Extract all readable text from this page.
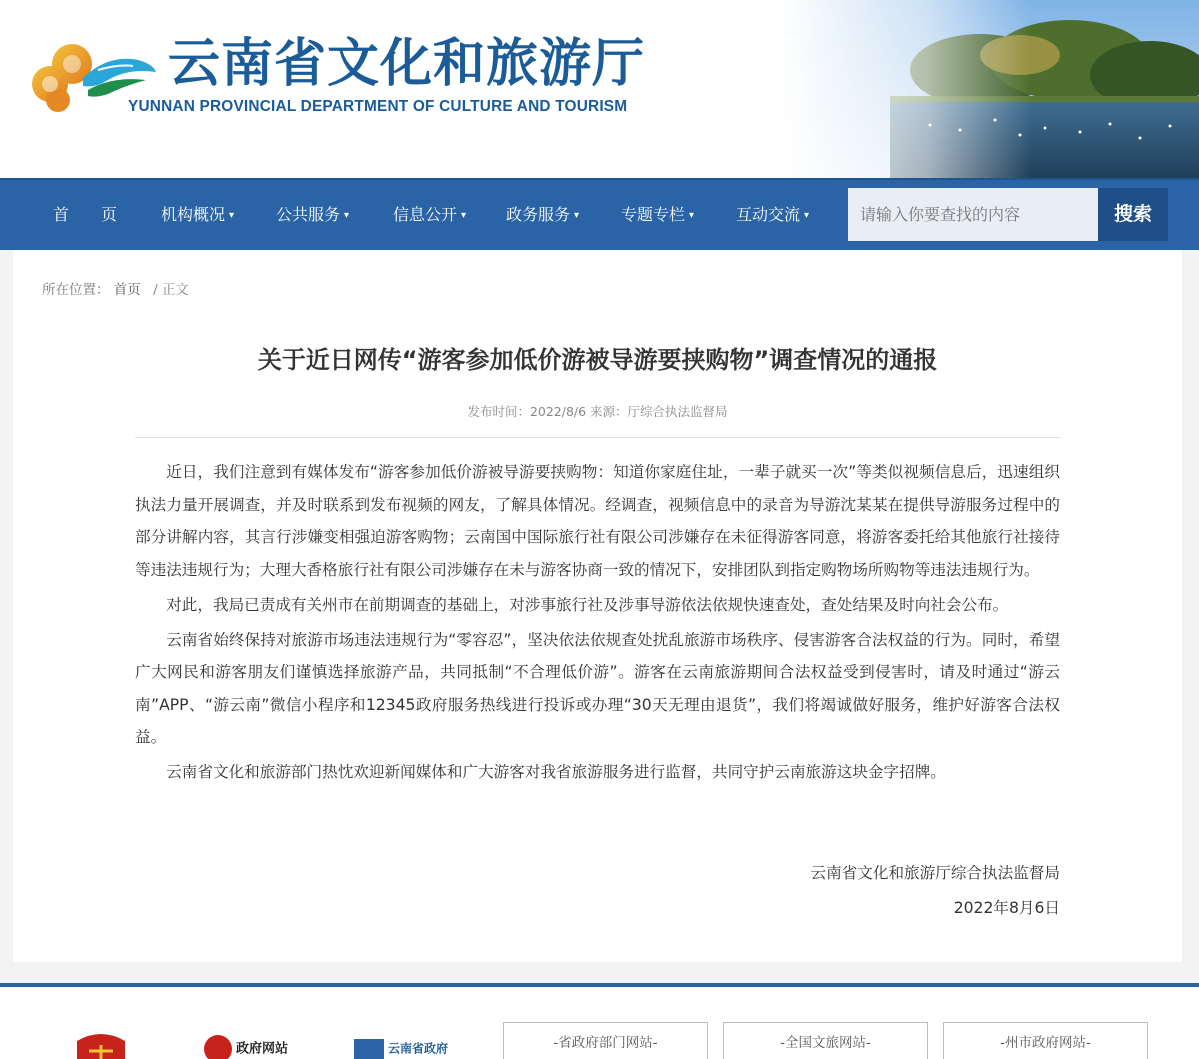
云南省文化和旅游厅
YUNNAN PROVINCIAL DEPARTMENT OF CULTURE AND TOURISM
首　　页	机构概况 ▾	公共服务 ▾	信息公开 ▾ 政务服务 ▾	专题专栏 ▾	互动交流 ▾
请输入你要查找的内容	搜索
所在位置： 首页 / 正文
关于近日网传“游客参加低价游被导游要挟购物”调查情况的通报
发布时间：2022/8/6 来源：厅综合执法监督局

近日，我们注意到有媒体发布“游客参加低价游被导游要挟购物：知道你家庭住址，一辈子就买一次”等类似视频信息后，迅速组织执法力量开展调查，并及时联系到发布视频的网友，了解具体情况。经调查，视频信息中的录音为导游沈某某在提供导游服务过程中的部分讲解内容，其言行涉嫌变相强迫游客购物；云南国中国际旅行社有限公司涉嫌存在未征得游客同意，将游客委托给其他旅行社接待等违法违规行为；大理大香格旅行社有限公司涉嫌存在未与游客协商一致的情况下，安排团队到指定购物场所购物等违法违规行为。

对此，我局已责成有关州市在前期调查的基础上，对涉事旅行社及涉事导游依法依规快速查处，查处结果及时向社会公布。

云南省始终保持对旅游市场违法违规行为“零容忍”，坚决依法依规查处扰乱旅游市场秩序、侵害游客合法权益的行为。同时，希望广大网民和游客朋友们谨慎选择旅游产品，共同抵制“不合理低价游”。游客在云南旅游期间合法权益受到侵害时，请及时通过“游云南”APP、“游云南”微信小程序和12345政府服务热线进行投诉或办理“30天无理由退货”，我们将竭诚做好服务，维护好游客合法权益。

云南省文化和旅游部门热忱欢迎新闻媒体和广大游客对我省旅游服务进行监督，共同守护云南旅游这块金字招牌。

云南省文化和旅游厅综合执法监督局
2022年8月6日
政府网站	云南省政府	-省政府部门网站-	-全国文旅网站-	-州市政府网站-
